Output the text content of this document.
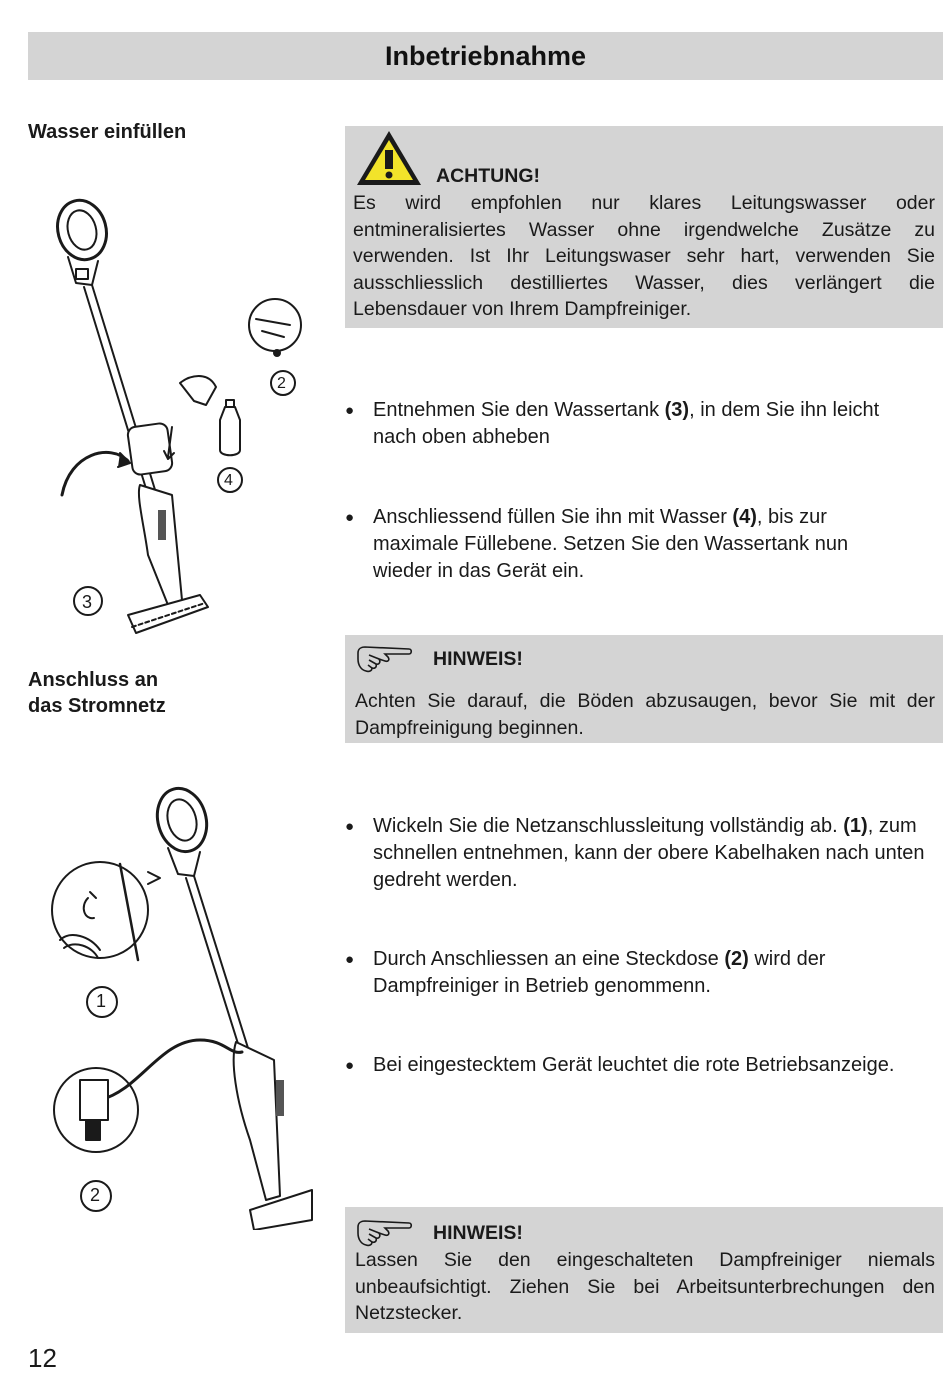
Inbetriebnahme
Wasser einfüllen
Anschluss an
das Stromnetz
ACHTUNG!
Es wird empfohlen nur klares Leitungswasser oder entmineralisiertes Wasser ohne irgendwelche Zusätze zu verwenden. Ist Ihr Leitungswaser sehr hart, verwenden Sie ausschliesslich destilliertes Wasser, dies verlängert die Lebensdauer von Ihrem Dampfreiniger.
● Entnehmen Sie den Wassertank (3), in dem Sie ihn leicht nach oben abheben
● Anschliessend füllen Sie ihn mit Wasser (4), bis zur maximale Füllebene. Setzen Sie den Wassertank nun wieder in das Gerät ein.
HINWEIS!
Achten Sie darauf, die Böden abzusaugen, bevor Sie mit der Dampfreinigung beginnen.
● Wickeln Sie die Netzanschlussleitung vollständig ab. (1), zum schnellen entnehmen, kann der obere Kabelhaken nach unten gedreht werden.
● Durch Anschliessen an eine Steckdose (2) wird der Dampfreiniger in Betrieb genommenn.
● Bei eingestecktem Gerät leuchtet die rote Betriebsanzeige.
HINWEIS!
Lassen Sie den eingeschalteten Dampfreiniger niemals unbeaufsichtigt. Ziehen Sie bei Arbeitsunterbrechungen den Netzstecker.
2
3
4
1
2
12
